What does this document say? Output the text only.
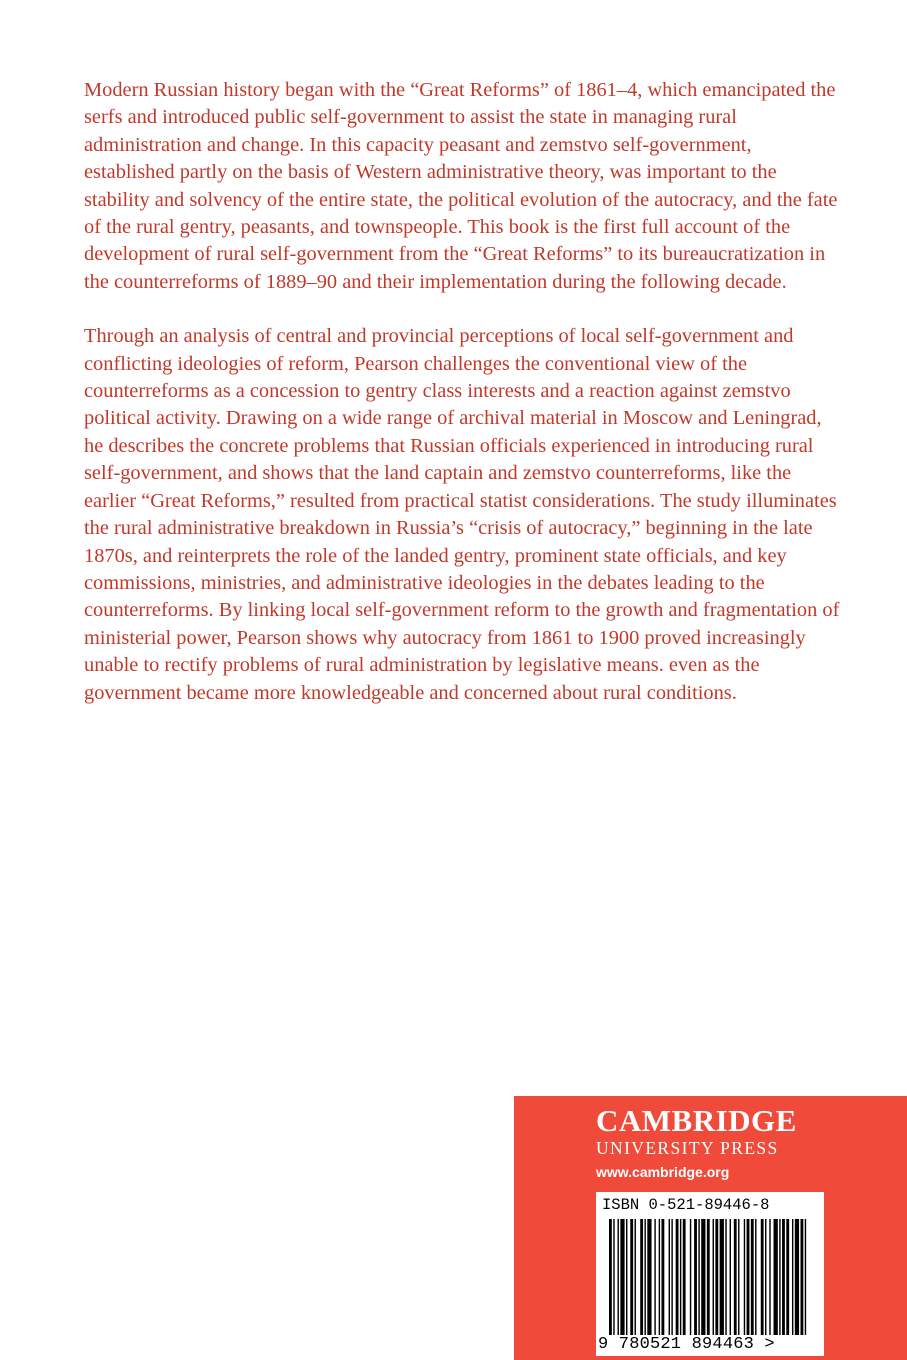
Modern Russian history began with the “Great Reforms” of 1861–4, which emancipated the serfs and introduced public self-government to assist the state in managing rural administration and change. In this capacity peasant and zemstvo self-government, established partly on the basis of Western administrative theory, was important to the stability and solvency of the entire state, the political evolution of the autocracy, and the fate of the rural gentry, peasants, and townspeople. This book is the first full account of the development of rural self-government from the “Great Reforms” to its bureaucratization in the counterreforms of 1889–90 and their implementation during the following decade.

Through an analysis of central and provincial perceptions of local self-government and conflicting ideologies of reform, Pearson challenges the conventional view of the counterreforms as a concession to gentry class interests and a reaction against zemstvo political activity. Drawing on a wide range of archival material in Moscow and Leningrad, he describes the concrete problems that Russian officials experienced in introducing rural self-government, and shows that the land captain and zemstvo counterreforms, like the earlier “Great Reforms,” resulted from practical statist considerations. The study illuminates the rural administrative breakdown in Russia’s “crisis of autocracy,” beginning in the late 1870s, and reinterprets the role of the landed gentry, prominent state officials, and key commissions, ministries, and administrative ideologies in the debates leading to the counterreforms. By linking local self-government reform to the growth and fragmentation of ministerial power, Pearson shows why autocracy from 1861 to 1900 proved increasingly unable to rectify problems of rural administration by legislative means. even as the government became more knowledgeable and concerned about rural conditions.

CAMBRIDGE
UNIVERSITY PRESS
www.cambridge.org
ISBN 0-521-89446-8
9 780521 894463 >
